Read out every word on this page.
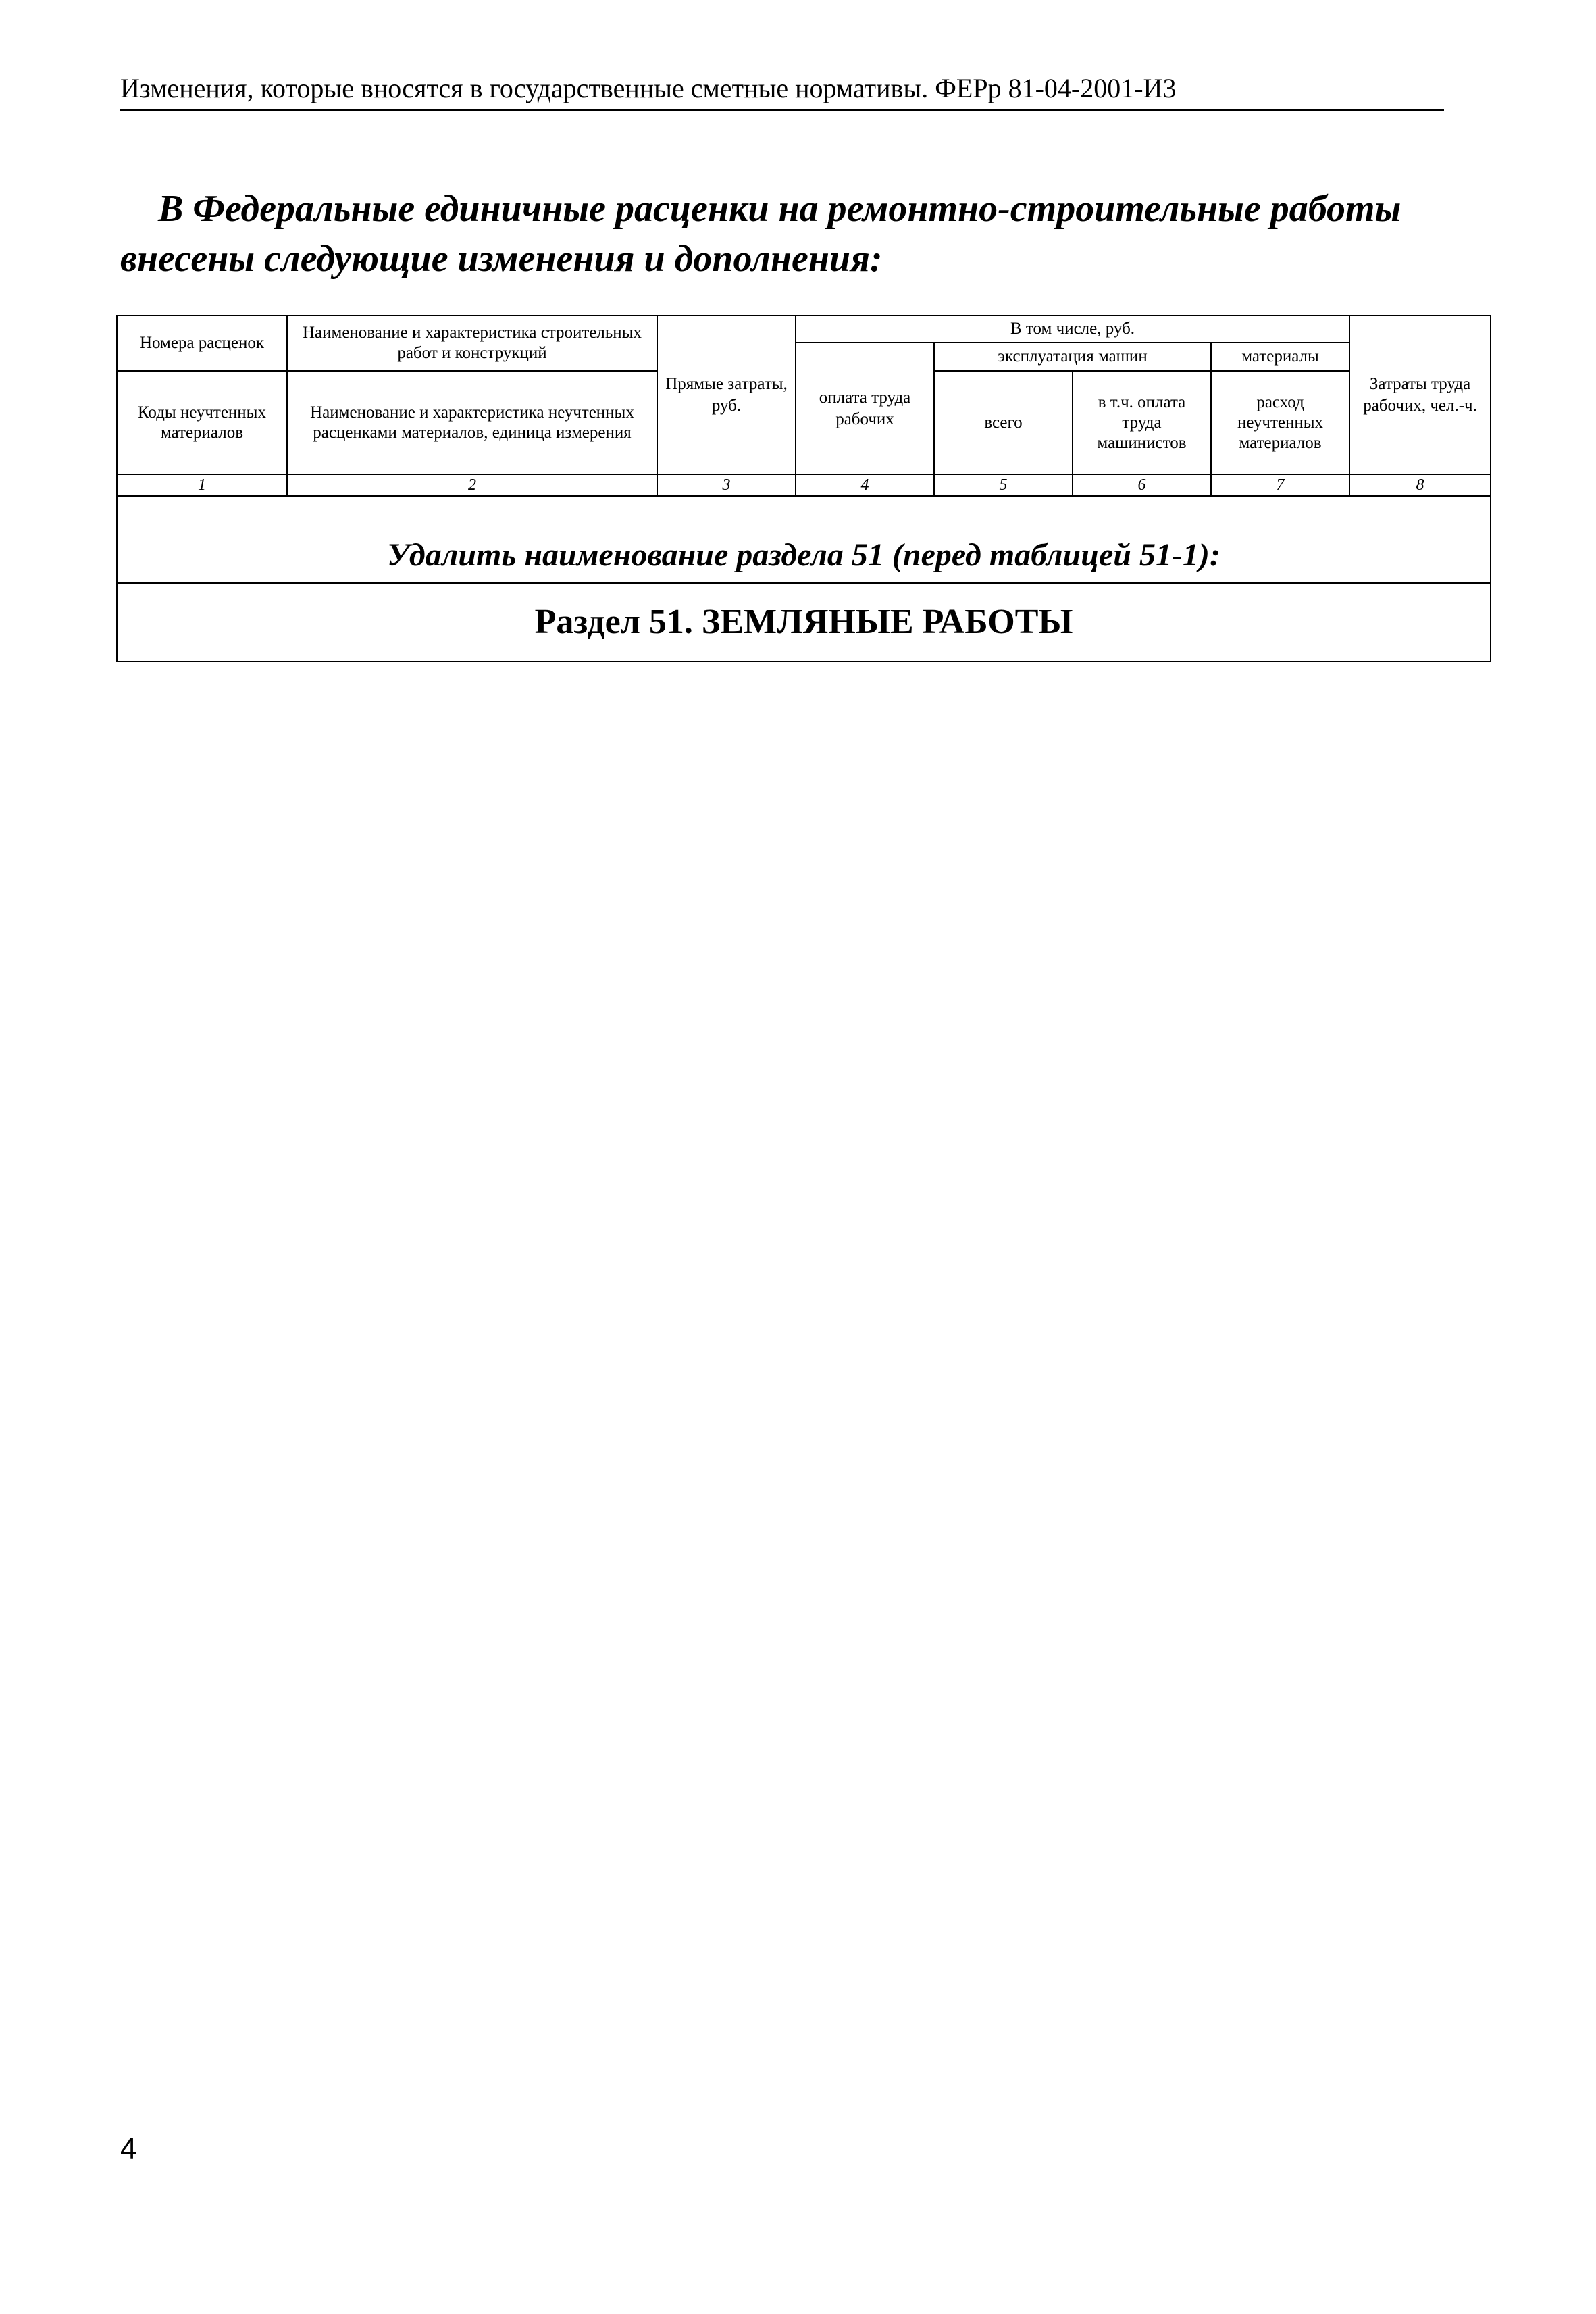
Изменения, которые вносятся в государственные сметные нормативы. ФЕРр 81-04-2001-И3
В Федеральные единичные расценки на ремонтно-строительные работы
внесены следующие изменения и дополнения:
Номера расценок	Наименование и характеристика строительных работ и конструкций	Прямые затраты, руб.	В том числе, руб.				Затраты труда рабочих, чел.-ч.
			оплата труда рабочих	эксплуатация машин		материалы	
Коды неучтенных материалов	Наименование и характеристика неучтенных расценками материалов, единица измерения			всего	в т.ч. оплата труда машинистов	расход неучтенных материалов	
1	2	3	4	5	6	7	8
Удалить наименование раздела 51 (перед таблицей 51-1):							
Раздел 51. ЗЕМЛЯНЫЕ РАБОТЫ							
4
